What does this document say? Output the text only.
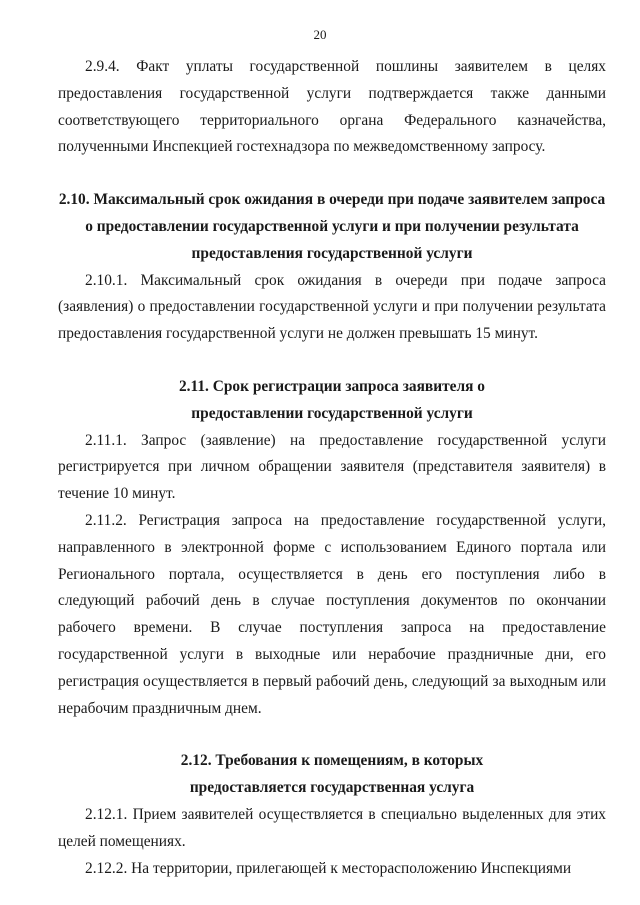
20

2.9.4. Факт уплаты государственной пошлины заявителем в целях предоставления государственной услуги подтверждается также данными соответствующего территориального органа Федерального казначейства, полученными Инспекцией гостехнадзора по межведомственному запросу.

2.10. Максимальный срок ожидания в очереди при подаче заявителем запроса о предоставлении государственной услуги и при получении результата предоставления государственной услуги

2.10.1. Максимальный срок ожидания в очереди при подаче запроса (заявления) о предоставлении государственной услуги и при получении результата предоставления государственной услуги не должен превышать 15 минут.

2.11. Срок регистрации запроса заявителя о предоставлении государственной услуги

2.11.1. Запрос (заявление) на предоставление государственной услуги регистрируется при личном обращении заявителя (представителя заявителя) в течение 10 минут.

2.11.2. Регистрация запроса на предоставление государственной услуги, направленного в электронной форме с использованием Единого портала или Регионального портала, осуществляется в день его поступления либо в следующий рабочий день в случае поступления документов по окончании рабочего времени. В случае поступления запроса на предоставление государственной услуги в выходные или нерабочие праздничные дни, его регистрация осуществляется в первый рабочий день, следующий за выходным или нерабочим праздничным днем.

2.12. Требования к помещениям, в которых предоставляется государственная услуга

2.12.1. Прием заявителей осуществляется в специально выделенных для этих целей помещениях.

2.12.2. На территории, прилегающей к месторасположению Инспекциями
